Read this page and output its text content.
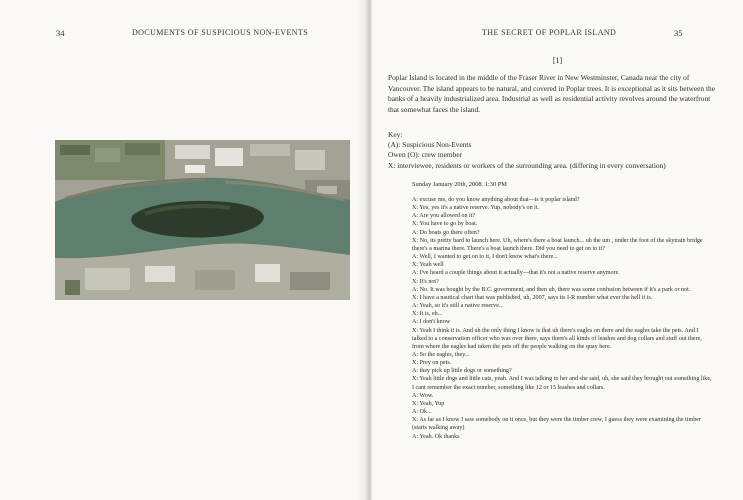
34	DOCUMENTS OF SUSPICIOUS NON-EVENTS	THE SECRET OF POPLAR ISLAND	35
[1]
Poplar Island is located in the middle of the Fraser River in New Westminster, Canada near the city of Vancouver. The island appears to be natural, and covered in Poplar trees. It is exceptional as it sits between the banks of a heavily industrialized area. Industrial as well as residential activity revolves around the waterfront that somewhat faces the island.
Key:
(A): Suspicious Non-Events
Owen (O): crew member
X: interviewee, residents or workers of the surrounding area. (differing in every conversation)
Sunday January 20th, 2008. 1:30 PM
A: excuse me, do you know anything about that—is it poplar island?
X: Yes, yes it's a native reserve. Yup, nobody's on it.
A: Are you allowed on it?
X: You have to go by boat.
A: Do boats go there often?
X: No, its pretty hard to launch here. Uh, where's there a boat launch... uh the um , under the foot of the skytrain bridge there's a marina there. There's a boat launch there. Did you need to get on to it?
A: Well, I wanted to get on to it, I don't know what's there...
X: Yeah well
A: I've heard a couple things about it actually—that it's not a native reserve anymore.
X: It's not?
A: No. It was bought by the B.C. government, and then uh, there was some confusion between if it's a park or not.
X: I have a nautical chart that was published, uh, 2007, says its I-R number what ever the hell it is.
A: Yeah, so it's still a native reserve...
X: It is, eh...
A: I don't know
X: Yeah I think it is. And uh the only thing I know is that uh there's eagles on there and the eagles take the pets. And I talked to a conservation officer who was over there, says there's all kinds of leashes and dog collars and stuff out there, from where the eagles had taken the pets off the people walking on the quay here.
A: So the eagles, they...
X: Prey on pets.
A: they pick up little dogs or something?
X: Yeah little dogs and little cats, yeah. And I was talking to her and she said, uh, she said they brought out something like, I cant remember the exact number, something like 12 or 15 leashes and collars.
A: Wow.
X: Yeah, Yup
A: Ok...
X: As far as I know I saw somebody on it once, but they were the timber crew, I guess they were examining the timber (starts walking away)
A: Yeah. Ok thanks
